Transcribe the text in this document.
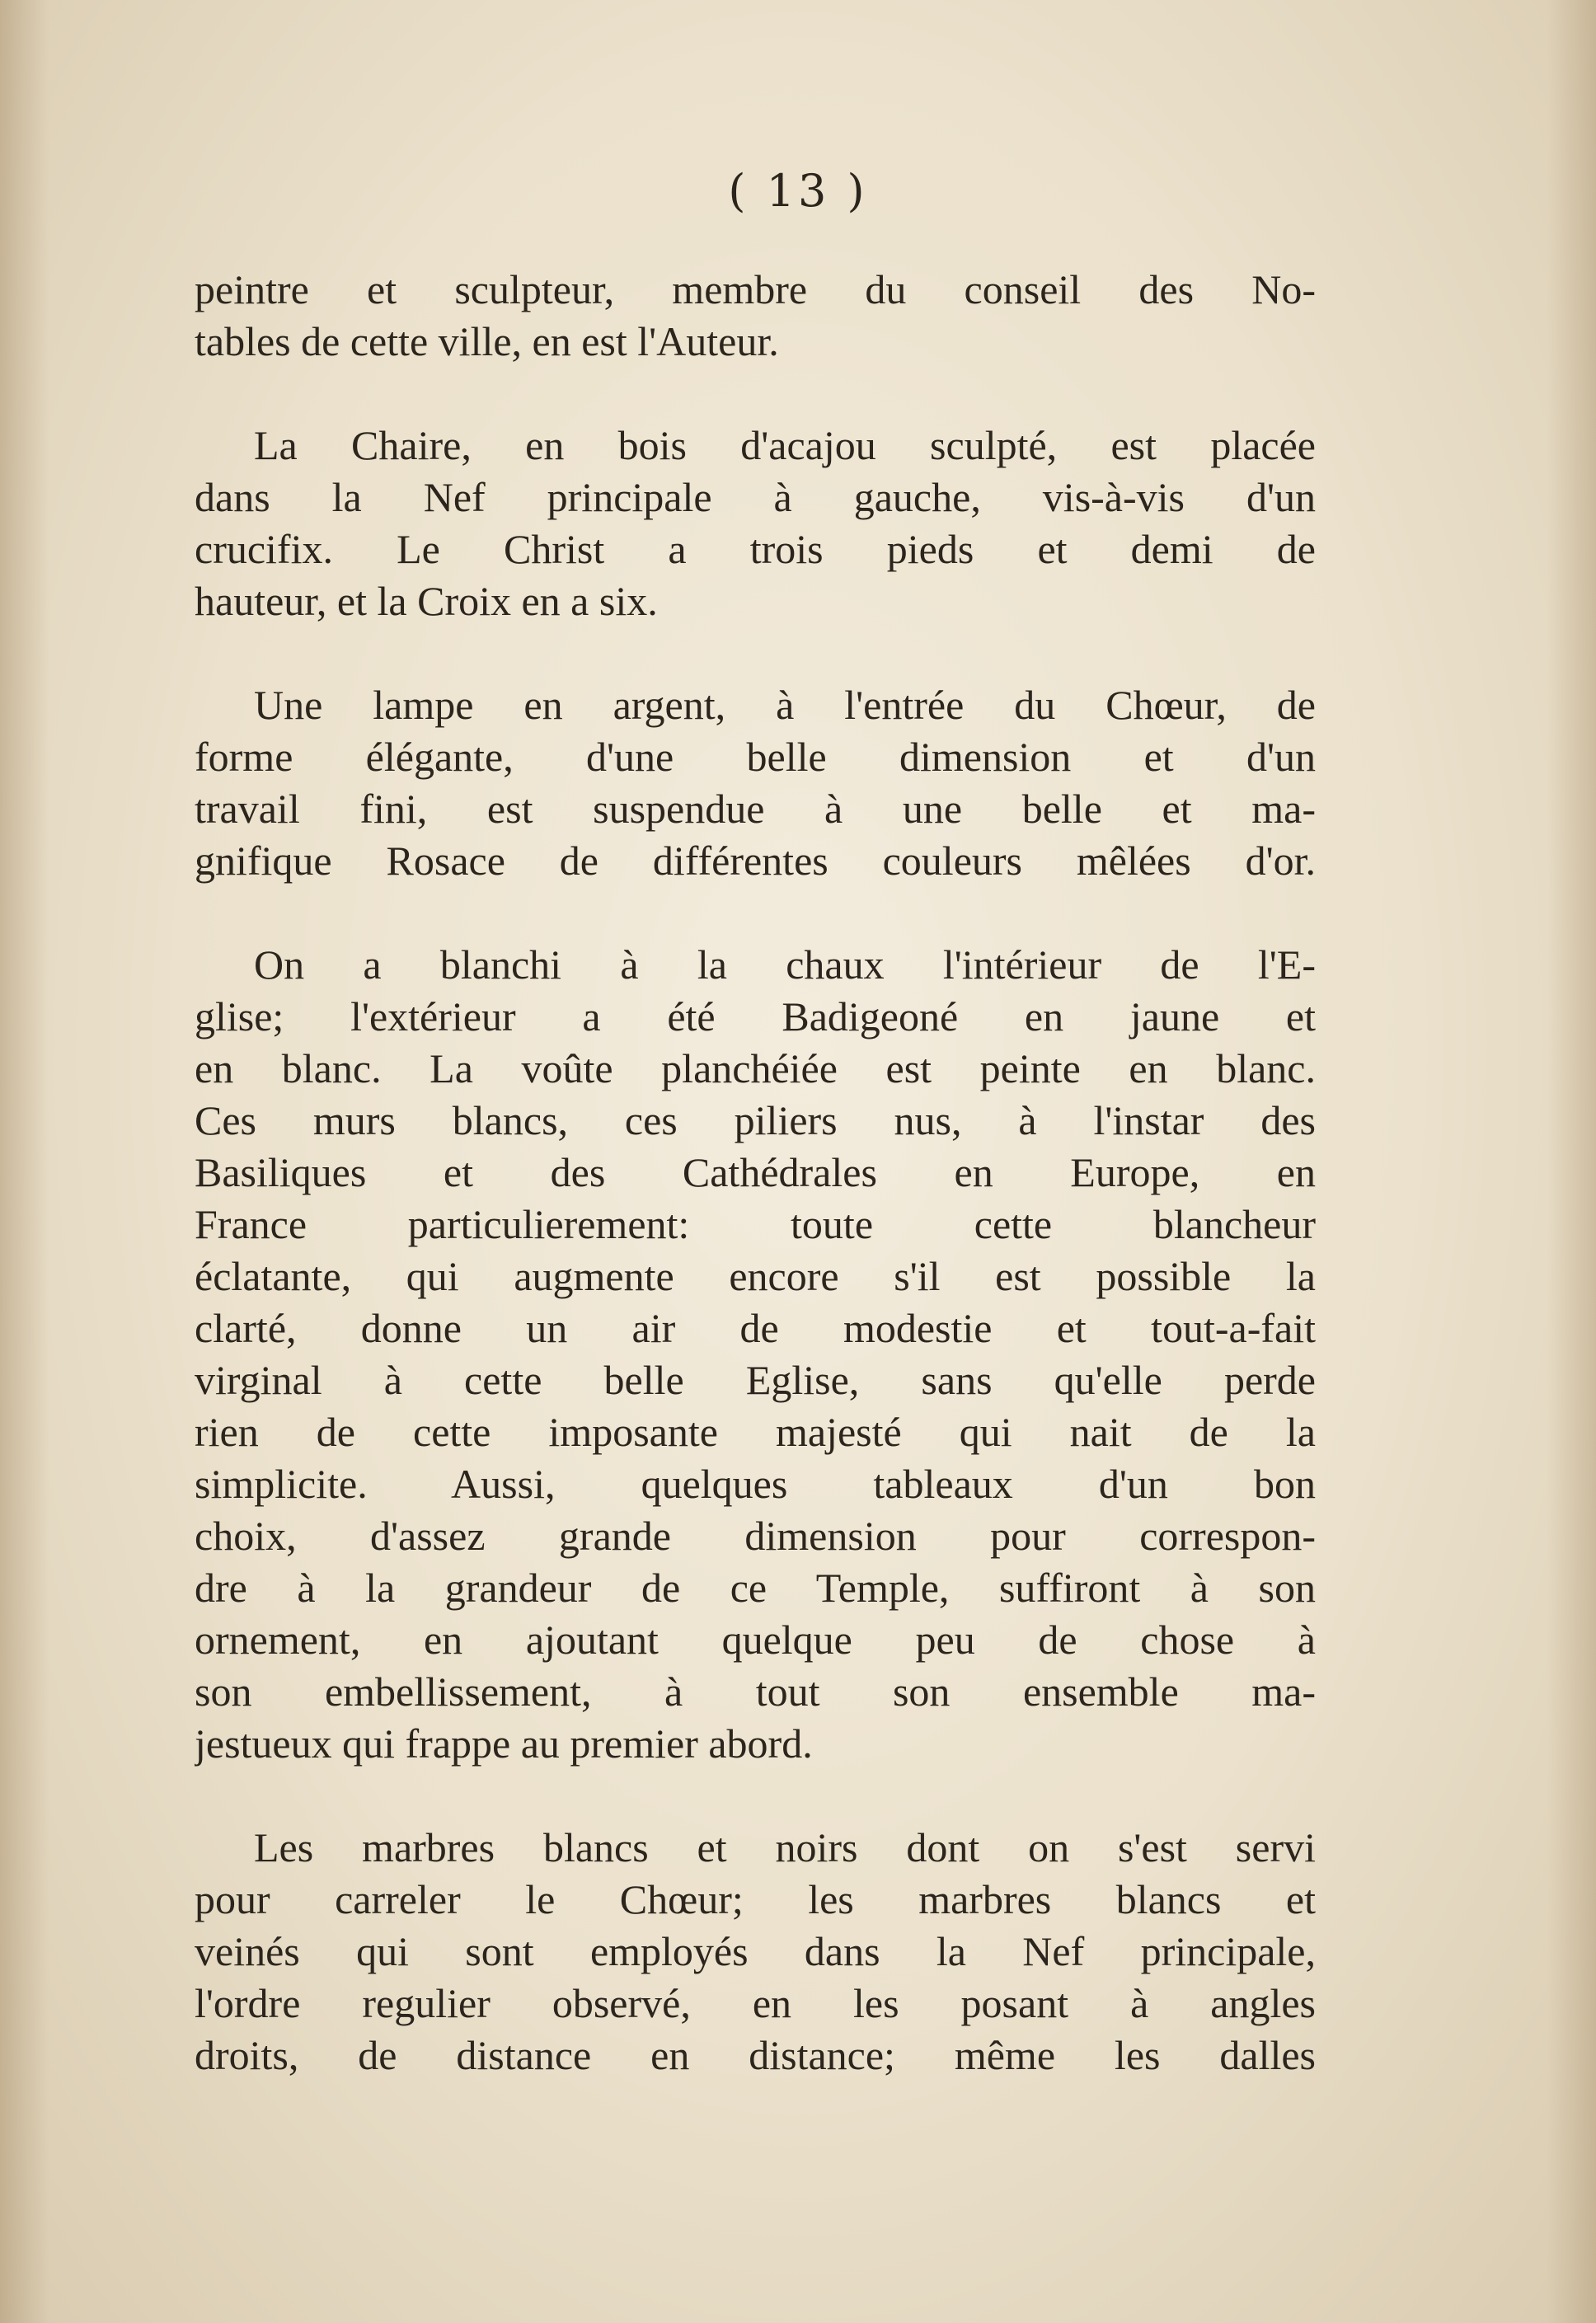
( 13 )

peintre et sculpteur, membre du conseil des No-
tables de cette ville, en est l'Auteur.

La Chaire, en bois d'acajou sculpté, est placée
dans la Nef principale à gauche, vis-à-vis d'un
crucifix. Le Christ a trois pieds et demi de
hauteur, et la Croix en a six.

Une lampe en argent, à l'entrée du Chœur, de
forme élégante, d'une belle dimension et d'un
travail fini, est suspendue à une belle et ma-
gnifique Rosace de différentes couleurs mêlées d'or.

On a blanchi à la chaux l'intérieur de l'E-
glise; l'extérieur a été Badigeoné en jaune et
en blanc. La voûte planchéiée est peinte en blanc.
Ces murs blancs, ces piliers nus, à l'instar des
Basiliques et des Cathédrales en Europe, en
France particulierement: toute cette blancheur
éclatante, qui augmente encore s'il est possible la
clarté, donne un air de modestie et tout-a-fait
virginal à cette belle Eglise, sans qu'elle perde
rien de cette imposante majesté qui nait de la
simplicite. Aussi, quelques tableaux d'un bon
choix, d'assez grande dimension pour correspon-
dre à la grandeur de ce Temple, suffiront à son
ornement, en ajoutant quelque peu de chose à
son embellissement, à tout son ensemble ma-
jestueux qui frappe au premier abord.

Les marbres blancs et noirs dont on s'est servi
pour carreler le Chœur; les marbres blancs et
veinés qui sont employés dans la Nef principale,
l'ordre regulier observé, en les posant à angles
droits, de distance en distance; même les dalles
